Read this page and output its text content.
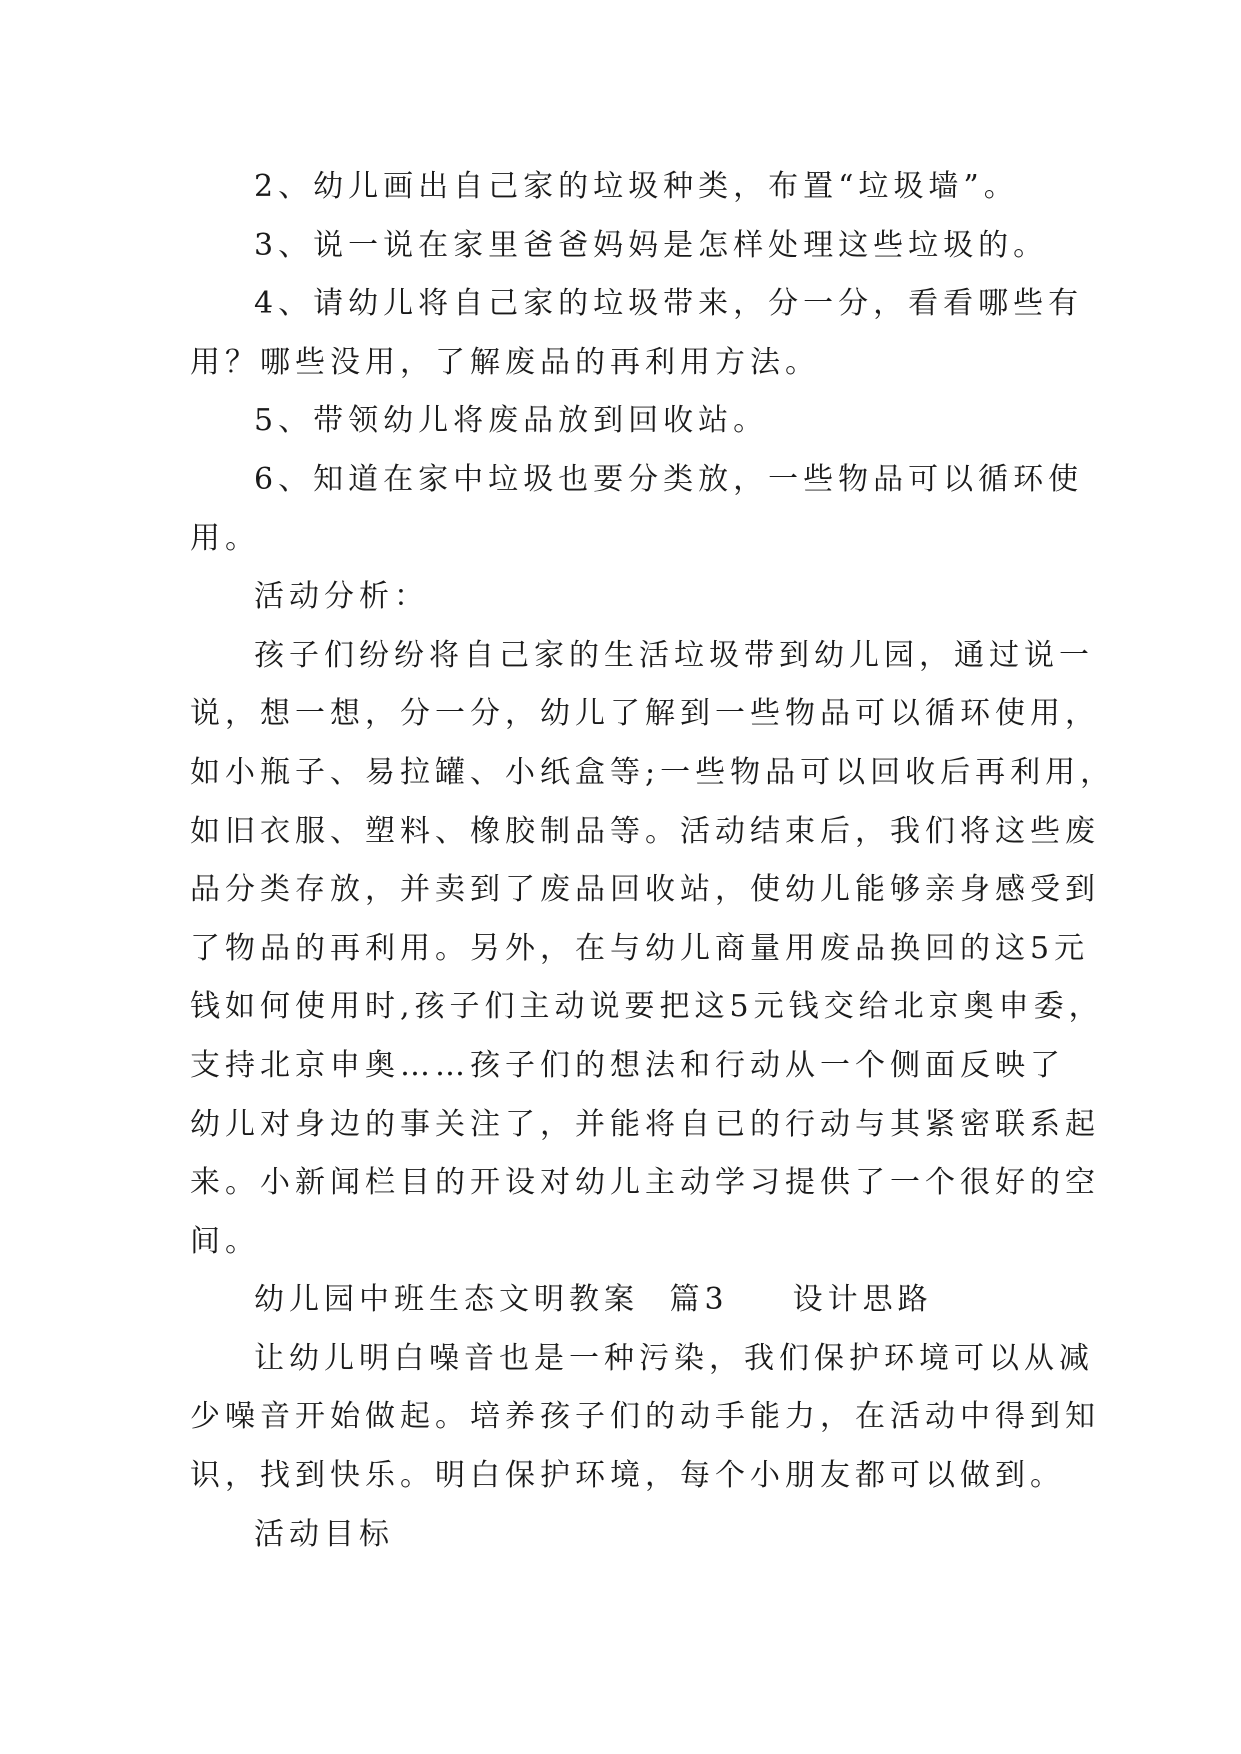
2、幼儿画出自己家的垃圾种类，布置“垃圾墙”。
3、说一说在家里爸爸妈妈是怎样处理这些垃圾的。
4、请幼儿将自己家的垃圾带来，分一分，看看哪些有
用？哪些没用，了解废品的再利用方法。
5、带领幼儿将废品放到回收站。
6、知道在家中垃圾也要分类放，一些物品可以循环使
用。
活动分析：
孩子们纷纷将自己家的生活垃圾带到幼儿园，通过说一
说，想一想，分一分，幼儿了解到一些物品可以循环使用，
如小瓶子、易拉罐、小纸盒等;一些物品可以回收后再利用，
如旧衣服、塑料、橡胶制品等。活动结束后，我们将这些废
品分类存放，并卖到了废品回收站，使幼儿能够亲身感受到
了物品的再利用。另外，在与幼儿商量用废品换回的这5元
钱如何使用时,孩子们主动说要把这5元钱交给北京奥申委，
支持北京申奥……孩子们的想法和行动从一个侧面反映了
幼儿对身边的事关注了，并能将自已的行动与其紧密联系起
来。小新闻栏目的开设对幼儿主动学习提供了一个很好的空
间。
幼儿园中班生态文明教案 篇3 设计思路
让幼儿明白噪音也是一种污染，我们保护环境可以从减
少噪音开始做起。培养孩子们的动手能力，在活动中得到知
识，找到快乐。明白保护环境，每个小朋友都可以做到。
活动目标
